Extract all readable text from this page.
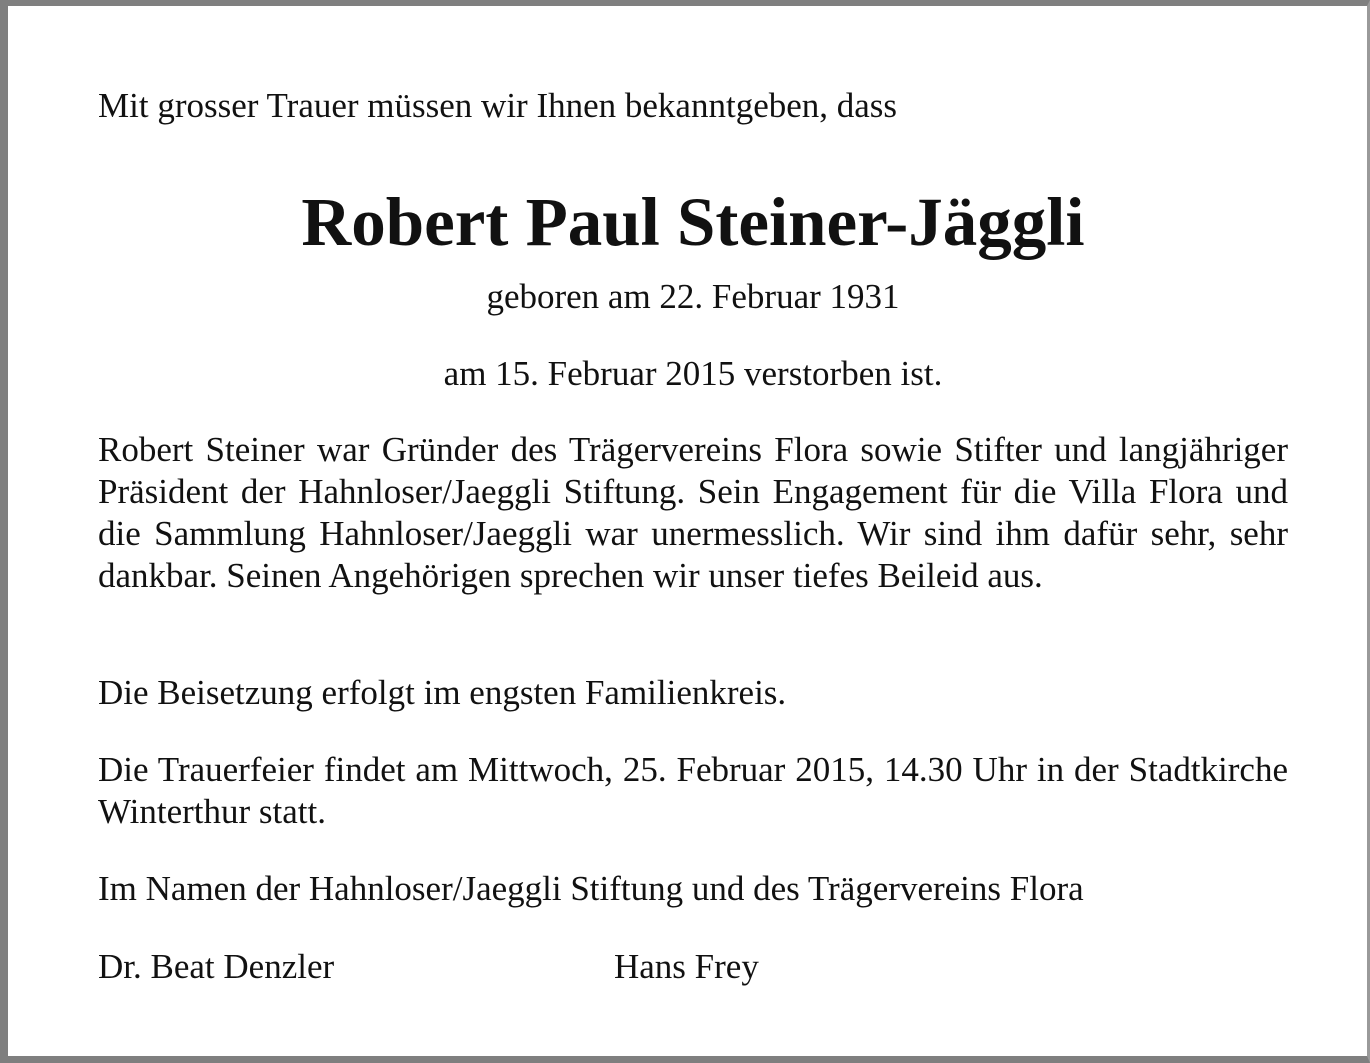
Mit grosser Trauer müssen wir Ihnen bekanntgeben, dass
Robert Paul Steiner-Jäggli
geboren am 22. Februar 1931
am 15. Februar 2015 verstorben ist.
Robert Steiner war Gründer des Trägervereins Flora sowie Stifter und langjähriger Präsident der Hahnloser/Jaeggli Stiftung. Sein Engagement für die Villa Flora und die Sammlung Hahnloser/Jaeggli war unermesslich. Wir sind ihm dafür sehr, sehr dankbar. Seinen Angehörigen sprechen wir unser tiefes Beileid aus.
Die Beisetzung erfolgt im engsten Familienkreis.
Die Trauerfeier findet am Mittwoch, 25. Februar 2015, 14.30 Uhr in der Stadtkirche Winterthur statt.
Im Namen der Hahnloser/Jaeggli Stiftung und des Trägervereins Flora
Dr. Beat Denzler	Hans Frey
